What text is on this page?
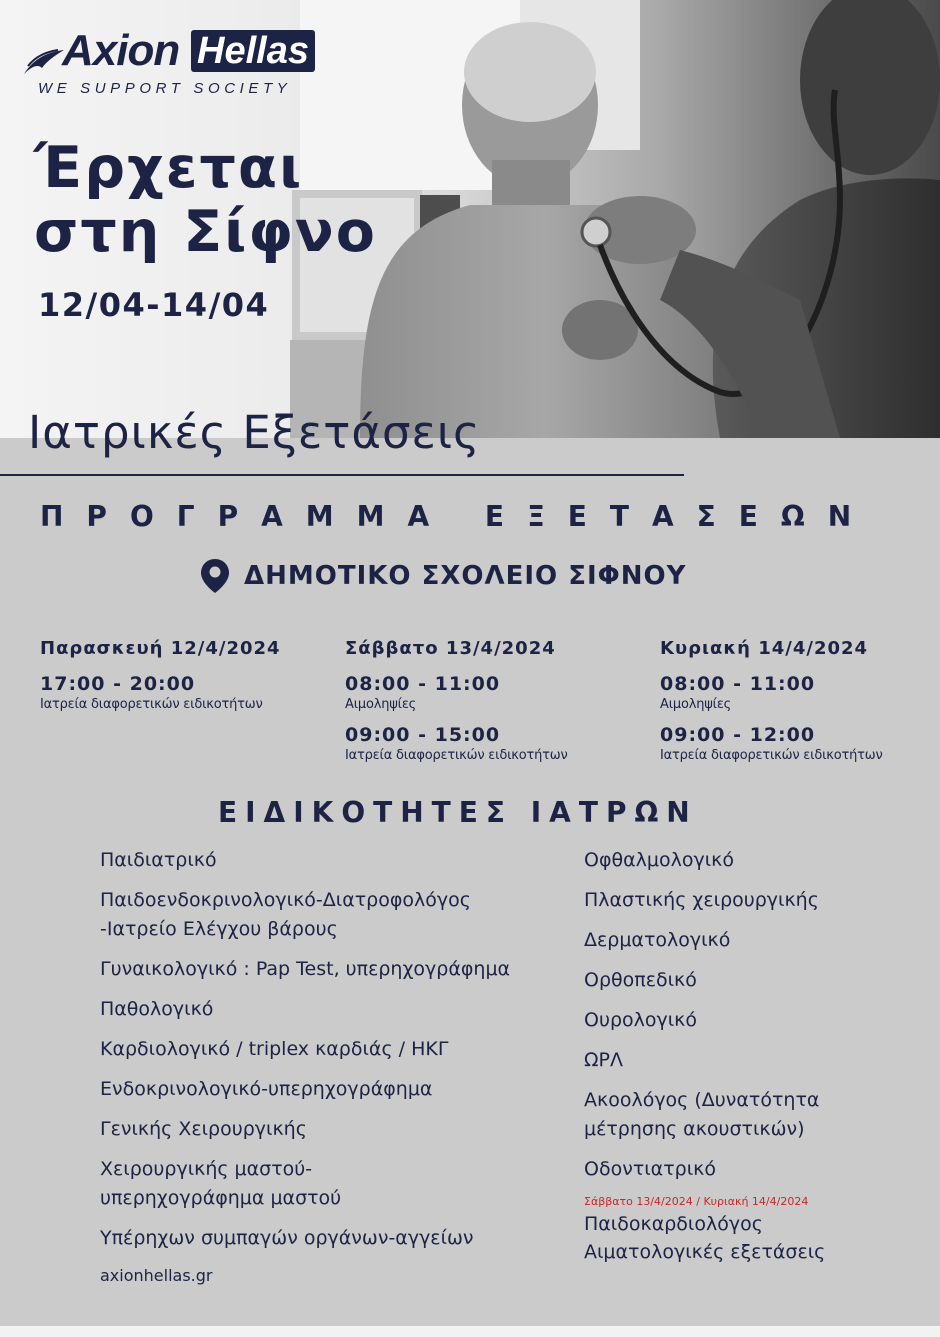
Axion Hellas
WE SUPPORT SOCIETY
Έρχεται
στη Σίφνο
12/04-14/04
Ιατρικές Εξετάσεις
ΠΡΟΓΡΑΜΜΑ ΕΞΕΤΑΣΕΩΝ
ΔΗΜΟΤΙΚΟ ΣΧΟΛΕΙΟ ΣΙΦΝΟΥ
Παρασκευή 12/4/2024
17:00 - 20:00
Ιατρεία διαφορετικών ειδικοτήτων
Σάββατο 13/4/2024
08:00 - 11:00
Αιμοληψίες
09:00 - 15:00
Ιατρεία διαφορετικών ειδικοτήτων
Κυριακή 14/4/2024
08:00 - 11:00
Αιμοληψίες
09:00 - 12:00
Ιατρεία διαφορετικών ειδικοτήτων
ΕΙΔΙΚΟΤΗΤΕΣ ΙΑΤΡΩΝ
Παιδιατρικό
Παιδοενδοκρινολογικό-Διατροφολόγος
-Ιατρείο Ελέγχου βάρους
Γυναικολογικό : Pap Test, υπερηχογράφημα
Παθολογικό
Καρδιολογικό / triplex καρδιάς / ΗΚΓ
Ενδοκρινολογικό-υπερηχογράφημα
Γενικής Χειρουργικής
Χειρουργικής μαστού-
υπερηχογράφημα μαστού
Υπέρηχων συμπαγών οργάνων-αγγείων
Οφθαλμολογικό
Πλαστικής χειρουργικής
Δερματολογικό
Ορθοπεδικό
Ουρολογικό
ΩΡΛ
Ακοολόγος (Δυνατότητα
μέτρησης ακουστικών)
Οδοντιατρικό
Σάββατο 13/4/2024 / Κυριακή 14/4/2024
Παιδοκαρδιολόγος
Αιματολογικές εξετάσεις
axionhellas.gr
